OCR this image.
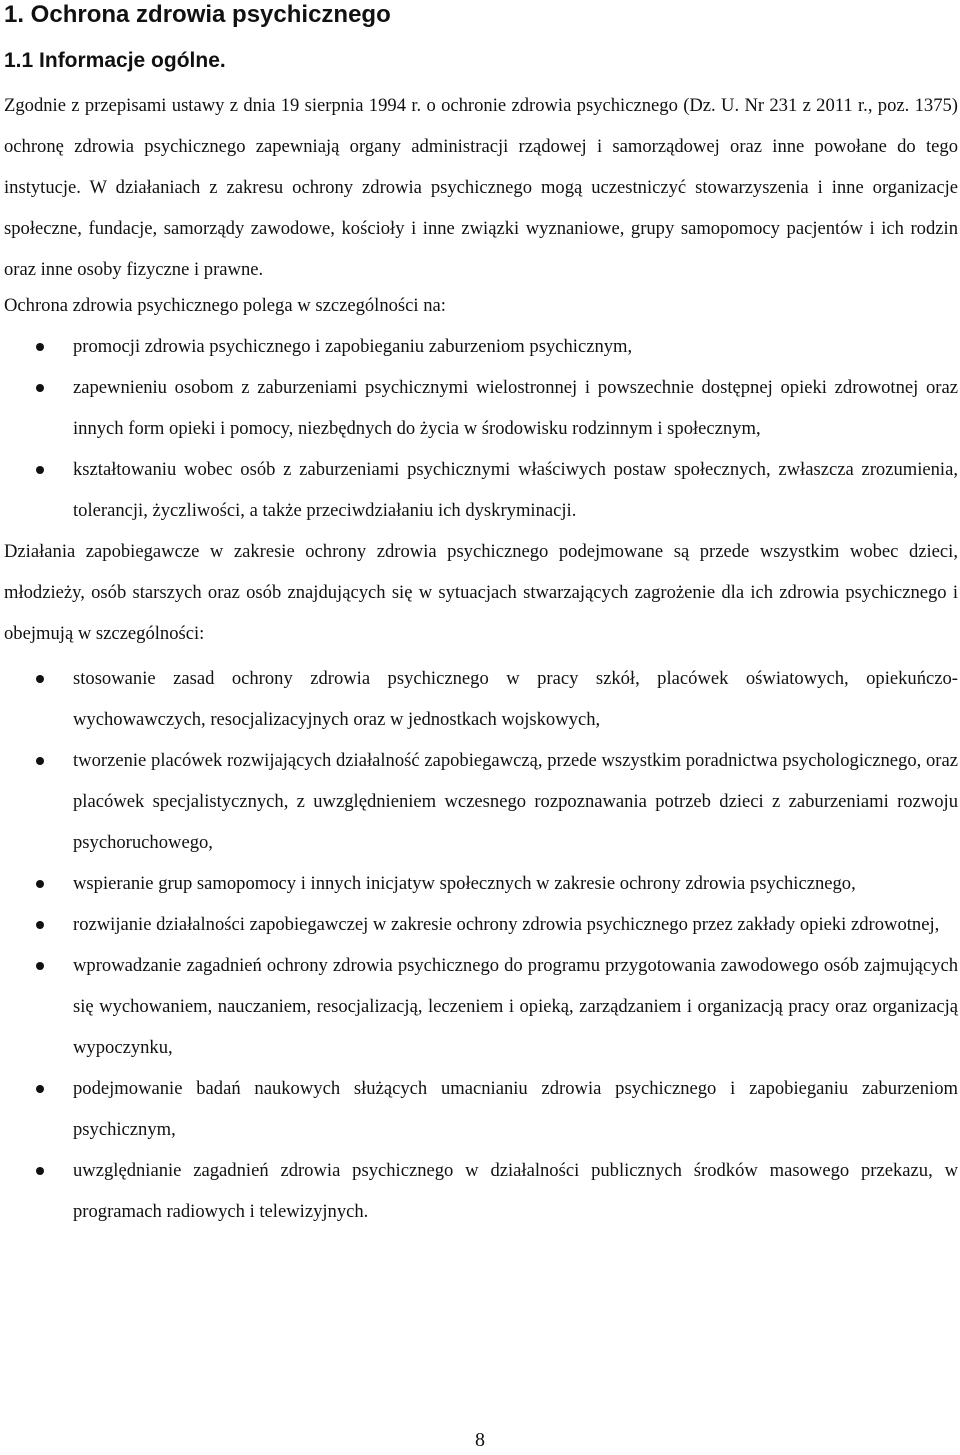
1. Ochrona zdrowia psychicznego
1.1 Informacje ogólne.

Zgodnie z przepisami ustawy z dnia 19 sierpnia 1994 r. o ochronie zdrowia psychicznego (Dz. U. Nr 231 z 2011 r., poz. 1375) ochronę zdrowia psychicznego zapewniają organy administracji rządowej i samorządowej oraz inne powołane do tego instytucje. W działaniach z zakresu ochrony zdrowia psychicznego mogą uczestniczyć stowarzyszenia i inne organizacje społeczne, fundacje, samorządy zawodowe, kościoły i inne związki wyznaniowe, grupy samopomocy pacjentów i ich rodzin oraz inne osoby fizyczne i prawne.

Ochrona zdrowia psychicznego polega w szczególności na:

promocji zdrowia psychicznego i zapobieganiu zaburzeniom psychicznym,
zapewnieniu osobom z zaburzeniami psychicznymi wielostronnej i powszechnie dostępnej opieki zdrowotnej oraz innych form opieki i pomocy, niezbędnych do życia w środowisku rodzinnym i społecznym,
kształtowaniu wobec osób z zaburzeniami psychicznymi właściwych postaw społecznych, zwłaszcza zrozumienia, tolerancji, życzliwości, a także przeciwdziałaniu ich dyskryminacji.

Działania zapobiegawcze w zakresie ochrony zdrowia psychicznego podejmowane są przede wszystkim wobec dzieci, młodzieży, osób starszych oraz osób znajdujących się w sytuacjach stwarzających zagrożenie dla ich zdrowia psychicznego i obejmują w szczególności:

stosowanie zasad ochrony zdrowia psychicznego w pracy szkół, placówek oświatowych, opiekuńczo-wychowawczych, resocjalizacyjnych oraz w jednostkach wojskowych,
tworzenie placówek rozwijających działalność zapobiegawczą, przede wszystkim poradnictwa psychologicznego, oraz placówek specjalistycznych, z uwzględnieniem wczesnego rozpoznawania potrzeb dzieci z zaburzeniami rozwoju psychoruchowego,
wspieranie grup samopomocy i innych inicjatyw społecznych w zakresie ochrony zdrowia psychicznego,
rozwijanie działalności zapobiegawczej w zakresie ochrony zdrowia psychicznego przez zakłady opieki zdrowotnej,
wprowadzanie zagadnień ochrony zdrowia psychicznego do programu przygotowania zawodowego osób zajmujących się wychowaniem, nauczaniem, resocjalizacją, leczeniem i opieką, zarządzaniem i organizacją pracy oraz organizacją wypoczynku,
podejmowanie badań naukowych służących umacnianiu zdrowia psychicznego i zapobieganiu zaburzeniom psychicznym,
uwzględnianie zagadnień zdrowia psychicznego w działalności publicznych środków masowego przekazu, w programach radiowych i telewizyjnych.
8
